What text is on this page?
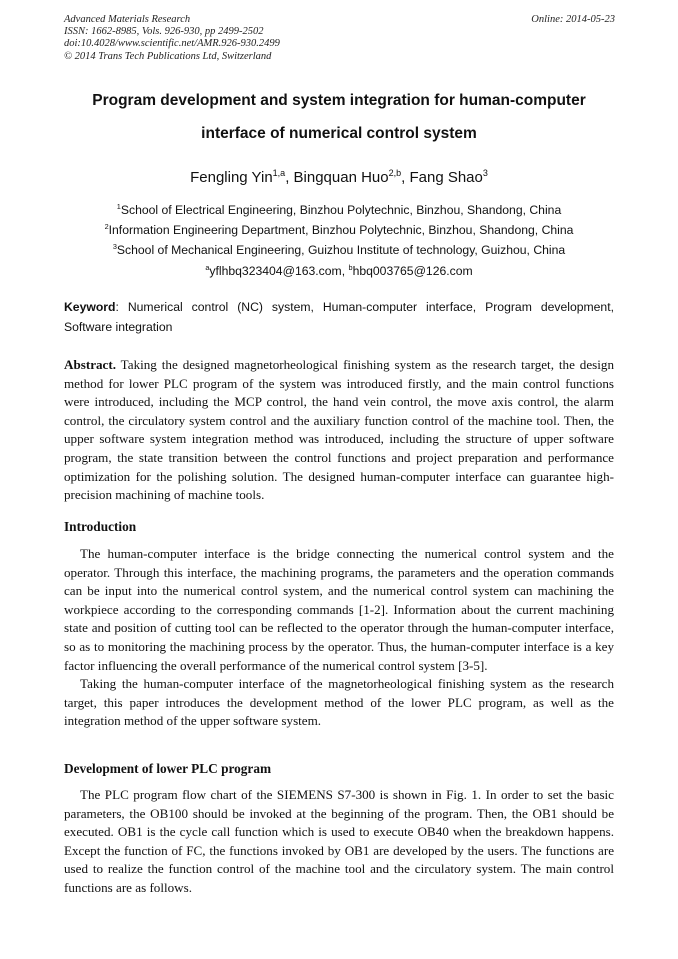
Advanced Materials Research
ISSN: 1662-8985, Vols. 926-930, pp 2499-2502
doi:10.4028/www.scientific.net/AMR.926-930.2499
© 2014 Trans Tech Publications Ltd, Switzerland
Online: 2014-05-23
Program development and system integration for human-computer
interface of numerical control system
Fengling Yin$^{1,a}$, Bingquan Huo$^{2,b}$, Fang Shao$^3$
$^1$School of Electrical Engineering, Binzhou Polytechnic, Binzhou, Shandong, China
$^2$Information Engineering Department, Binzhou Polytechnic, Binzhou, Shandong, China
$^3$School of Mechanical Engineering, Guizhou Institute of technology, Guizhou, China
$^a$yflhbq323404@163.com, $^b$hbq003765@126.com
Keyword: Numerical control (NC) system, Human-computer interface, Program development, Software integration
Abstract. Taking the designed magnetorheological finishing system as the research target, the design method for lower PLC program of the system was introduced firstly, and the main control functions were introduced, including the MCP control, the hand vein control, the move axis control, the alarm control, the circulatory system control and the auxiliary function control of the machine tool. Then, the upper software system integration method was introduced, including the structure of upper software program, the state transition between the control functions and project preparation and performance optimization for the polishing solution. The designed human-computer interface can guarantee high-precision machining of machine tools.
Introduction
The human-computer interface is the bridge connecting the numerical control system and the operator. Through this interface, the machining programs, the parameters and the operation commands can be input into the numerical control system, and the numerical control system can machining the workpiece according to the corresponding commands [1-2]. Information about the current machining state and position of cutting tool can be reflected to the operator through the human-computer interface, so as to monitoring the machining process by the operator. Thus, the human-computer interface is a key factor influencing the overall performance of the numerical control system [3-5].
Taking the human-computer interface of the magnetorheological finishing system as the research target, this paper introduces the development method of the lower PLC program, as well as the integration method of the upper software system.
Development of lower PLC program
The PLC program flow chart of the SIEMENS S7-300 is shown in Fig. 1. In order to set the basic parameters, the OB100 should be invoked at the beginning of the program. Then, the OB1 should be executed. OB1 is the cycle call function which is used to execute OB40 when the breakdown happens. Except the function of FC, the functions invoked by OB1 are developed by the users. The functions are used to realize the function control of the machine tool and the circulatory system. The main control functions are as follows.
